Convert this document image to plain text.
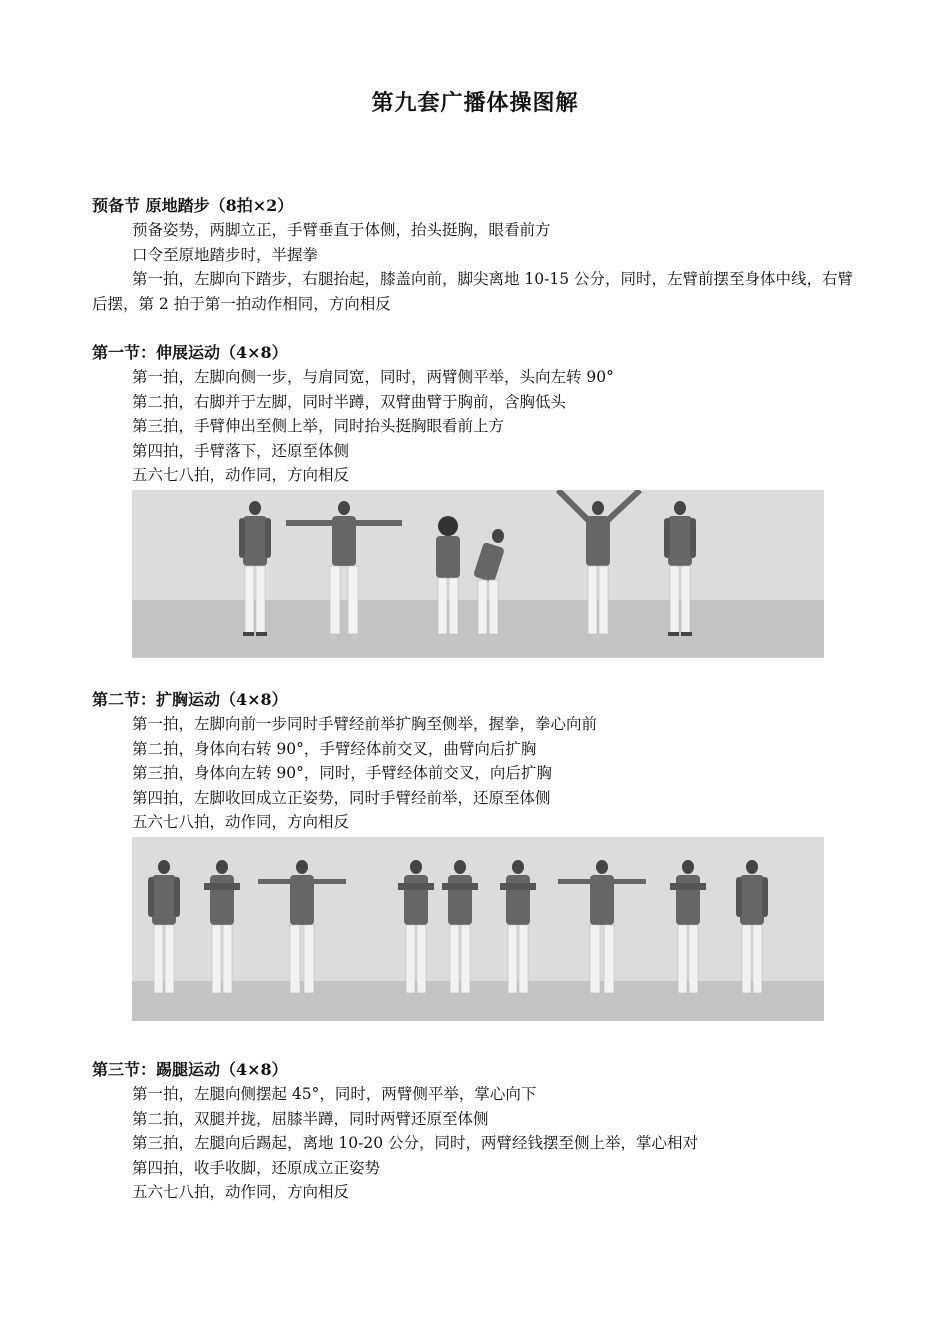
第九套广播体操图解
预备节 原地踏步（8拍×2）
预备姿势，两脚立正，手臂垂直于体侧，抬头挺胸，眼看前方
口令至原地踏步时，半握拳
第一拍，左脚向下踏步，右腿抬起，膝盖向前，脚尖离地 10-15 公分，同时，左臂前摆至身体中线，右臂后摆，第 2 拍于第一拍动作相同，方向相反
第一节：伸展运动（4×8）
第一拍，左脚向侧一步，与肩同宽，同时，两臂侧平举，头向左转 90°
第二拍，右脚并于左脚，同时半蹲，双臂曲臂于胸前，含胸低头
第三拍，手臂伸出至侧上举，同时抬头挺胸眼看前上方
第四拍，手臂落下，还原至体侧
五六七八拍，动作同，方向相反
第二节：扩胸运动（4×8）
第一拍，左脚向前一步同时手臂经前举扩胸至侧举，握拳，拳心向前
第二拍，身体向右转 90°，手臂经体前交叉，曲臂向后扩胸
第三拍，身体向左转 90°，同时，手臂经体前交叉，向后扩胸
第四拍，左脚收回成立正姿势，同时手臂经前举，还原至体侧
五六七八拍，动作同，方向相反
第三节：踢腿运动（4×8）
第一拍，左腿向侧摆起 45°，同时，两臂侧平举，掌心向下
第二拍，双腿并拢，屈膝半蹲，同时两臂还原至体侧
第三拍，左腿向后踢起，离地 10-20 公分，同时，两臂经钱摆至侧上举，掌心相对
第四拍，收手收脚，还原成立正姿势
五六七八拍，动作同，方向相反
